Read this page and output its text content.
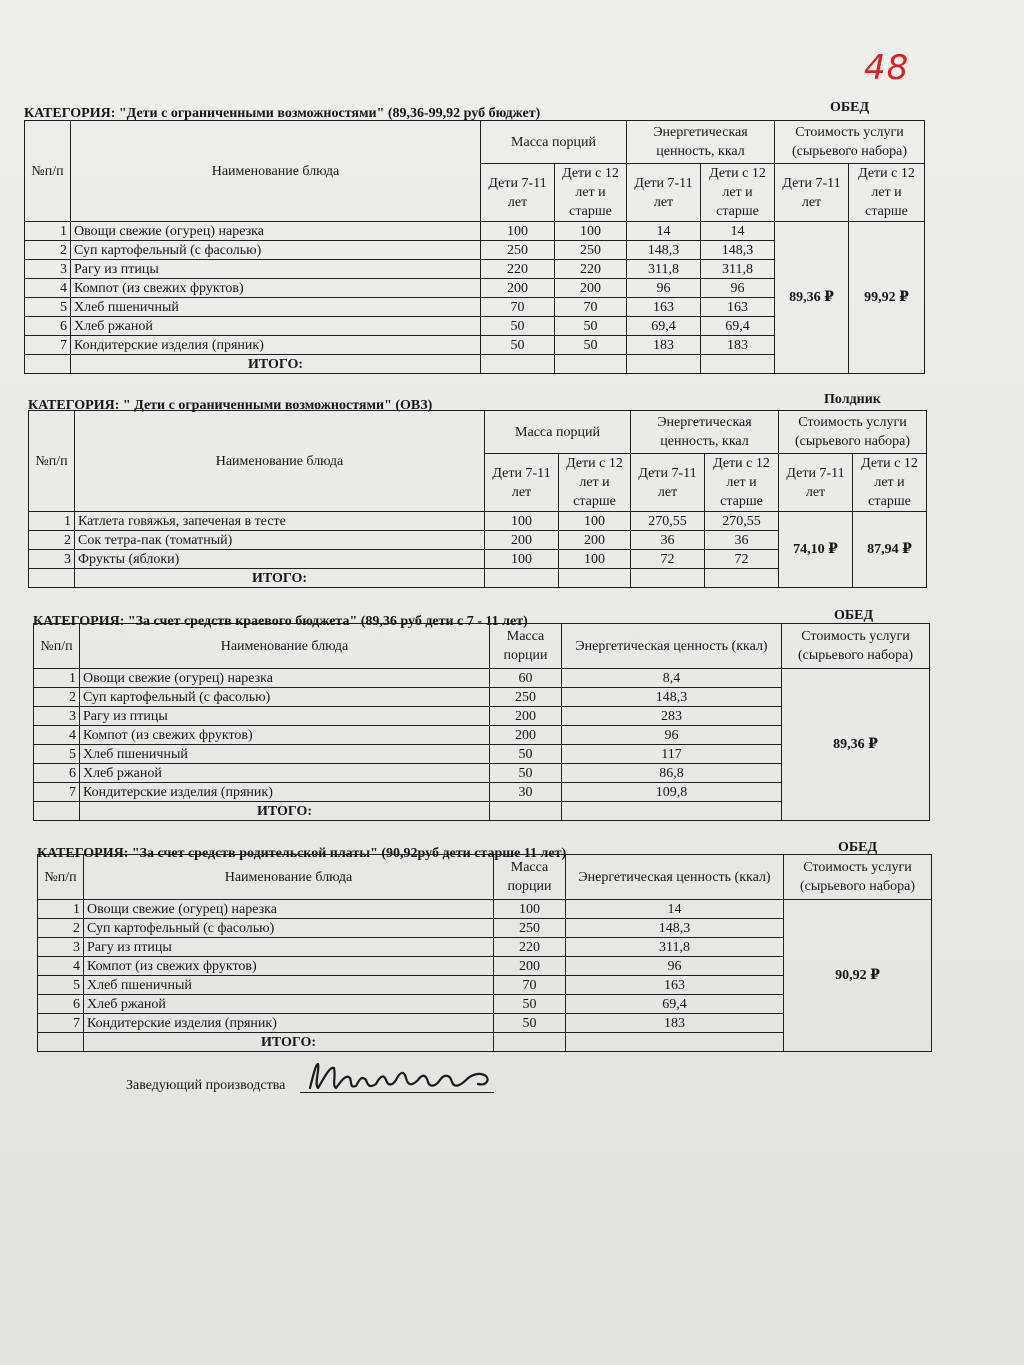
48
КАТЕГОРИЯ: "Дети с ограниченными возможностями" (89,36-99,92 руб бюджет)	ОБЕД
№п/п	Наименование блюда	Масса порций		Энергетическая ценность, ккал		Стоимость услуги (сырьевого набора)	
		Дети 7-11 лет	Дети с 12 лет и старше	Дети 7-11 лет	Дети с 12 лет и старше	Дети 7-11 лет	Дети с 12 лет и старше
1	Овощи свежие (огурец) нарезка	100	100	14	14	89,36 ₽	99,92 ₽
2	Суп картофельный (с фасолью)	250	250	148,3	148,3		
3	Рагу из птицы	220	220	311,8	311,8		
4	Компот (из свежих фруктов)	200	200	96	96		
5	Хлеб пшеничный	70	70	163	163		
6	Хлеб ржаной	50	50	69,4	69,4		
7	Кондитерские изделия (пряник)	50	50	183	183		
	ИТОГО:						
КАТЕГОРИЯ: " Дети с ограниченными возможностями" (ОВЗ)	Полдник
№п/п	Наименование блюда	Масса порций		Энергетическая ценность, ккал		Стоимость услуги (сырьевого набора)	
		Дети 7-11 лет	Дети с 12 лет и старше	Дети 7-11 лет	Дети с 12 лет и старше	Дети 7-11 лет	Дети с 12 лет и старше
1	Катлета говяжья, запеченая в тесте	100	100	270,55	270,55	74,10 ₽	87,94 ₽
2	Сок тетра-пак (томатный)	200	200	36	36		
3	Фрукты (яблоки)	100	100	72	72		
	ИТОГО:						
КАТЕГОРИЯ: "За счет средств краевого бюджета" (89,36 руб дети с 7 - 11 лет)	ОБЕД
№п/п	Наименование блюда	Масса порции	Энергетическая ценность (ккал)	Стоимость услуги (сырьевого набора)
1	Овощи свежие (огурец) нарезка	60	8,4	89,36 ₽
2	Суп картофельный (с фасолью)	250	148,3	
3	Рагу из птицы	200	283	
4	Компот (из свежих фруктов)	200	96	
5	Хлеб пшеничный	50	117	
6	Хлеб ржаной	50	86,8	
7	Кондитерские изделия (пряник)	30	109,8	
	ИТОГО:			
КАТЕГОРИЯ: "За счет средств родительской платы" (90,92руб дети старше 11 лет)	ОБЕД
№п/п	Наименование блюда	Масса порции	Энергетическая ценность (ккал)	Стоимость услуги (сырьевого набора)
1	Овощи свежие (огурец) нарезка	100	14	90,92 ₽
2	Суп картофельный (с фасолью)	250	148,3	
3	Рагу из птицы	220	311,8	
4	Компот (из свежих фруктов)	200	96	
5	Хлеб пшеничный	70	163	
6	Хлеб ржаной	50	69,4	
7	Кондитерские изделия (пряник)	50	183	
	ИТОГО:			
Заведующий производства
